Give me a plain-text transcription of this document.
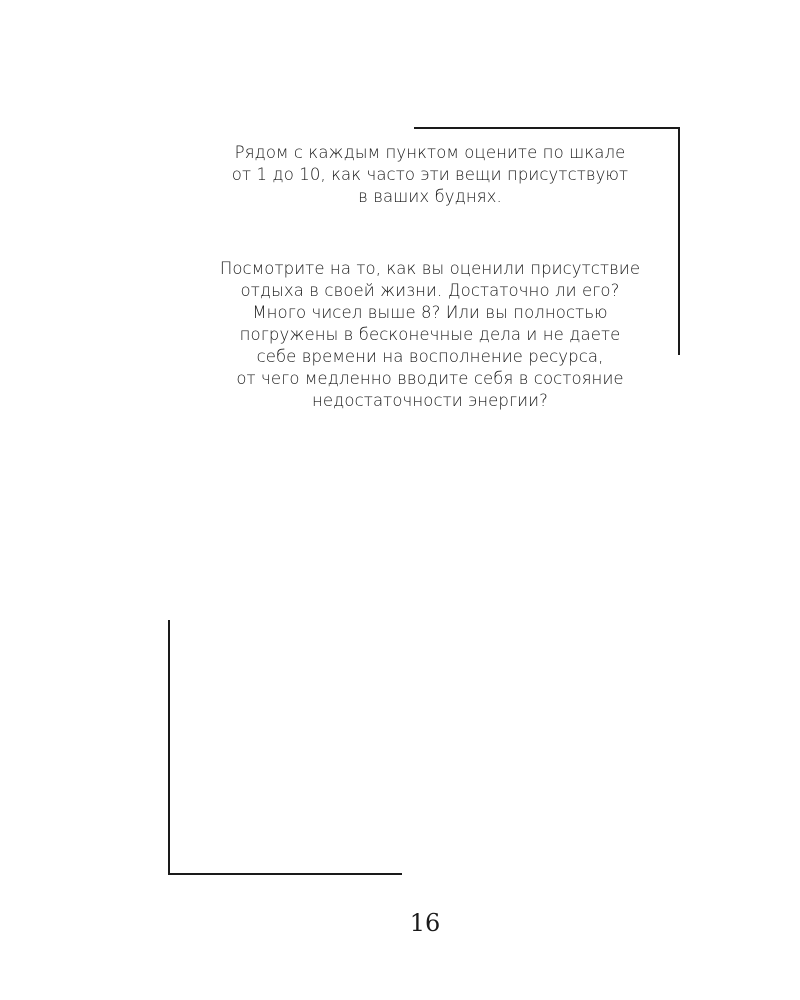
Рядом с каждым пунктом оцените по шкале
от 1 до 10, как часто эти вещи присутствуют
в ваших буднях.
Посмотрите на то, как вы оценили присутствие
отдыха в своей жизни. Достаточно ли его?
Много чисел выше 8? Или вы полностью
погружены в бесконечные дела и не даете
себе времени на восполнение ресурса,
от чего медленно вводите себя в состояние
недостаточности энергии?
16
